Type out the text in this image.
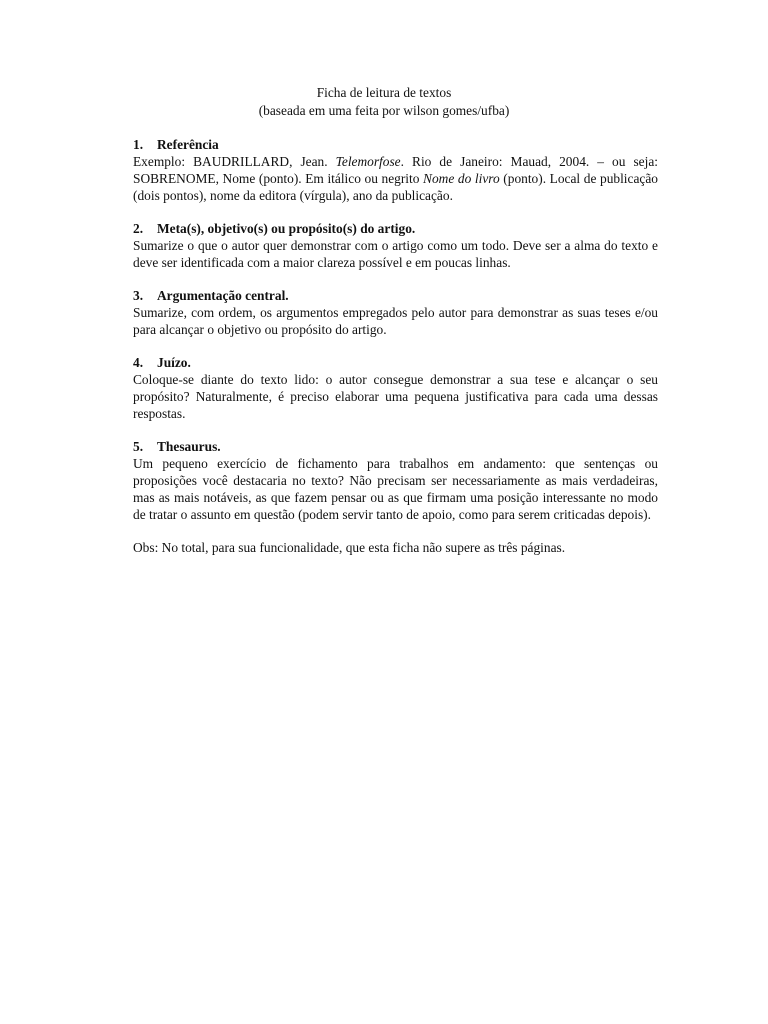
Ficha de leitura de textos
(baseada em uma feita por wilson gomes/ufba)
1. Referência
Exemplo: BAUDRILLARD, Jean. Telemorfose. Rio de Janeiro: Mauad, 2004. – ou seja: SOBRENOME, Nome (ponto). Em itálico ou negrito Nome do livro (ponto). Local de publicação (dois pontos), nome da editora (vírgula), ano da publicação.
2. Meta(s), objetivo(s) ou propósito(s) do artigo.
Sumarize o que o autor quer demonstrar com o artigo como um todo. Deve ser a alma do texto e deve ser identificada com a maior clareza possível e em poucas linhas.
3. Argumentação central.
Sumarize, com ordem, os argumentos empregados pelo autor para demonstrar as suas teses e/ou para alcançar o objetivo ou propósito do artigo.
4. Juízo.
Coloque-se diante do texto lido: o autor consegue demonstrar a sua tese e alcançar o seu propósito? Naturalmente, é preciso elaborar uma pequena justificativa para cada uma dessas respostas.
5. Thesaurus.
Um pequeno exercício de fichamento para trabalhos em andamento: que sentenças ou proposições você destacaria no texto? Não precisam ser necessariamente as mais verdadeiras, mas as mais notáveis, as que fazem pensar ou as que firmam uma posição interessante no modo de tratar o assunto em questão (podem servir tanto de apoio, como para serem criticadas depois).
Obs: No total, para sua funcionalidade, que esta ficha não supere as três páginas.
